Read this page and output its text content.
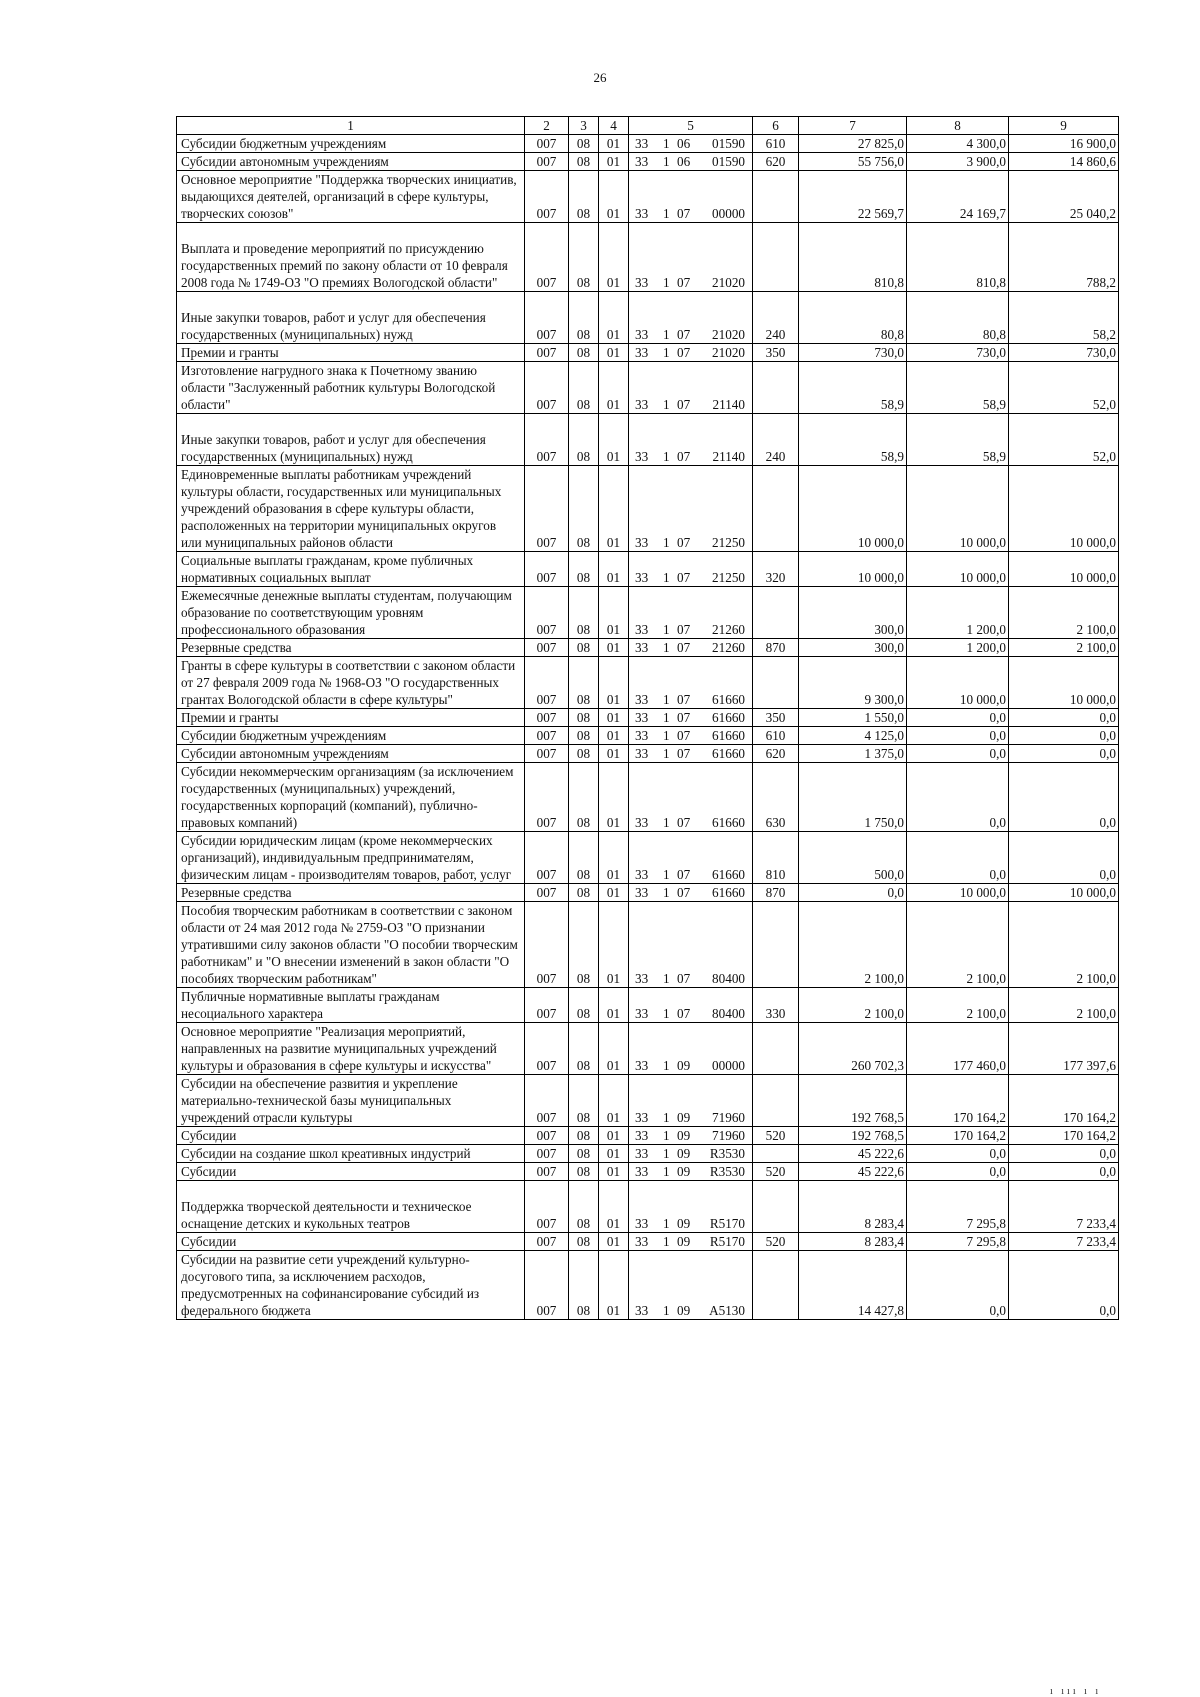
26
1	2	3	4	5	6	7	8	9
Субсидии бюджетным учреждениям	007	08	01	33 1 06 01590	610	27 825,0	4 300,0	16 900,0
Субсидии автономным учреждениям	007	08	01	33 1 06 01590	620	55 756,0	3 900,0	14 860,6
Основное мероприятие "Поддержка творческих инициатив, выдающихся деятелей, организаций в сфере культуры, творческих союзов"	007	08	01	33 1 07 00000		22 569,7	24 169,7	25 040,2
Выплата и проведение мероприятий по присуждению государственных премий по закону области от 10 февраля 2008 года № 1749-ОЗ "О премиях Вологодской области"	007	08	01	33 1 07 21020		810,8	810,8	788,2
Иные закупки товаров, работ и услуг для обеспечения государственных (муниципальных) нужд	007	08	01	33 1 07 21020	240	80,8	80,8	58,2
Премии и гранты	007	08	01	33 1 07 21020	350	730,0	730,0	730,0
Изготовление нагрудного знака к Почетному званию области "Заслуженный работник культуры Вологодской области"	007	08	01	33 1 07 21140		58,9	58,9	52,0
Иные закупки товаров, работ и услуг для обеспечения государственных (муниципальных) нужд	007	08	01	33 1 07 21140	240	58,9	58,9	52,0
Единовременные выплаты работникам учреждений культуры области, государственных или муниципальных учреждений образования в сфере культуры области, расположенных на территории муниципальных округов или муниципальных районов области	007	08	01	33 1 07 21250		10 000,0	10 000,0	10 000,0
Социальные выплаты гражданам, кроме публичных нормативных социальных выплат	007	08	01	33 1 07 21250	320	10 000,0	10 000,0	10 000,0
Ежемесячные денежные выплаты студентам, получающим образование по соответствующим уровням профессионального образования	007	08	01	33 1 07 21260		300,0	1 200,0	2 100,0
Резервные средства	007	08	01	33 1 07 21260	870	300,0	1 200,0	2 100,0
Гранты в сфере культуры в соответствии с законом области от 27 февраля 2009 года № 1968-ОЗ "О государственных грантах Вологодской области в сфере культуры"	007	08	01	33 1 07 61660		9 300,0	10 000,0	10 000,0
Премии и гранты	007	08	01	33 1 07 61660	350	1 550,0	0,0	0,0
Субсидии бюджетным учреждениям	007	08	01	33 1 07 61660	610	4 125,0	0,0	0,0
Субсидии автономным учреждениям	007	08	01	33 1 07 61660	620	1 375,0	0,0	0,0
Субсидии некоммерческим организациям (за исключением государственных (муниципальных) учреждений, государственных корпораций (компаний), публично-правовых компаний)	007	08	01	33 1 07 61660	630	1 750,0	0,0	0,0
Субсидии юридическим лицам (кроме некоммерческих организаций), индивидуальным предпринимателям, физическим лицам - производителям товаров, работ, услуг	007	08	01	33 1 07 61660	810	500,0	0,0	0,0
Резервные средства	007	08	01	33 1 07 61660	870	0,0	10 000,0	10 000,0
Пособия творческим работникам в соответствии с законом области от 24 мая 2012 года № 2759-ОЗ "О признании утратившими силу законов области "О пособии творческим работникам" и "О внесении изменений в закон области "О пособиях творческим работникам"	007	08	01	33 1 07 80400		2 100,0	2 100,0	2 100,0
Публичные нормативные выплаты гражданам несоциального характера	007	08	01	33 1 07 80400	330	2 100,0	2 100,0	2 100,0
Основное мероприятие "Реализация мероприятий, направленных на развитие муниципальных учреждений культуры и образования в сфере культуры и искусства"	007	08	01	33 1 09 00000		260 702,3	177 460,0	177 397,6
Субсидии на обеспечение развития и укрепление материально-технической базы муниципальных учреждений отрасли культуры	007	08	01	33 1 09 71960		192 768,5	170 164,2	170 164,2
Субсидии	007	08	01	33 1 09 71960	520	192 768,5	170 164,2	170 164,2
Субсидии на создание школ креативных индустрий	007	08	01	33 1 09 R3530		45 222,6	0,0	0,0
Субсидии	007	08	01	33 1 09 R3530	520	45 222,6	0,0	0,0
Поддержка творческой деятельности и техническое оснащение детских и кукольных театров	007	08	01	33 1 09 R5170		8 283,4	7 295,8	7 233,4
Субсидии	007	08	01	33 1 09 R5170	520	8 283,4	7 295,8	7 233,4
Субсидии на развитие сети учреждений культурно-досугового типа, за исключением расходов, предусмотренных на софинансирование субсидий из федерального бюджета	007	08	01	33 1 09 A5130		14 427,8	0,0	0,0
ı ııı ı ı
